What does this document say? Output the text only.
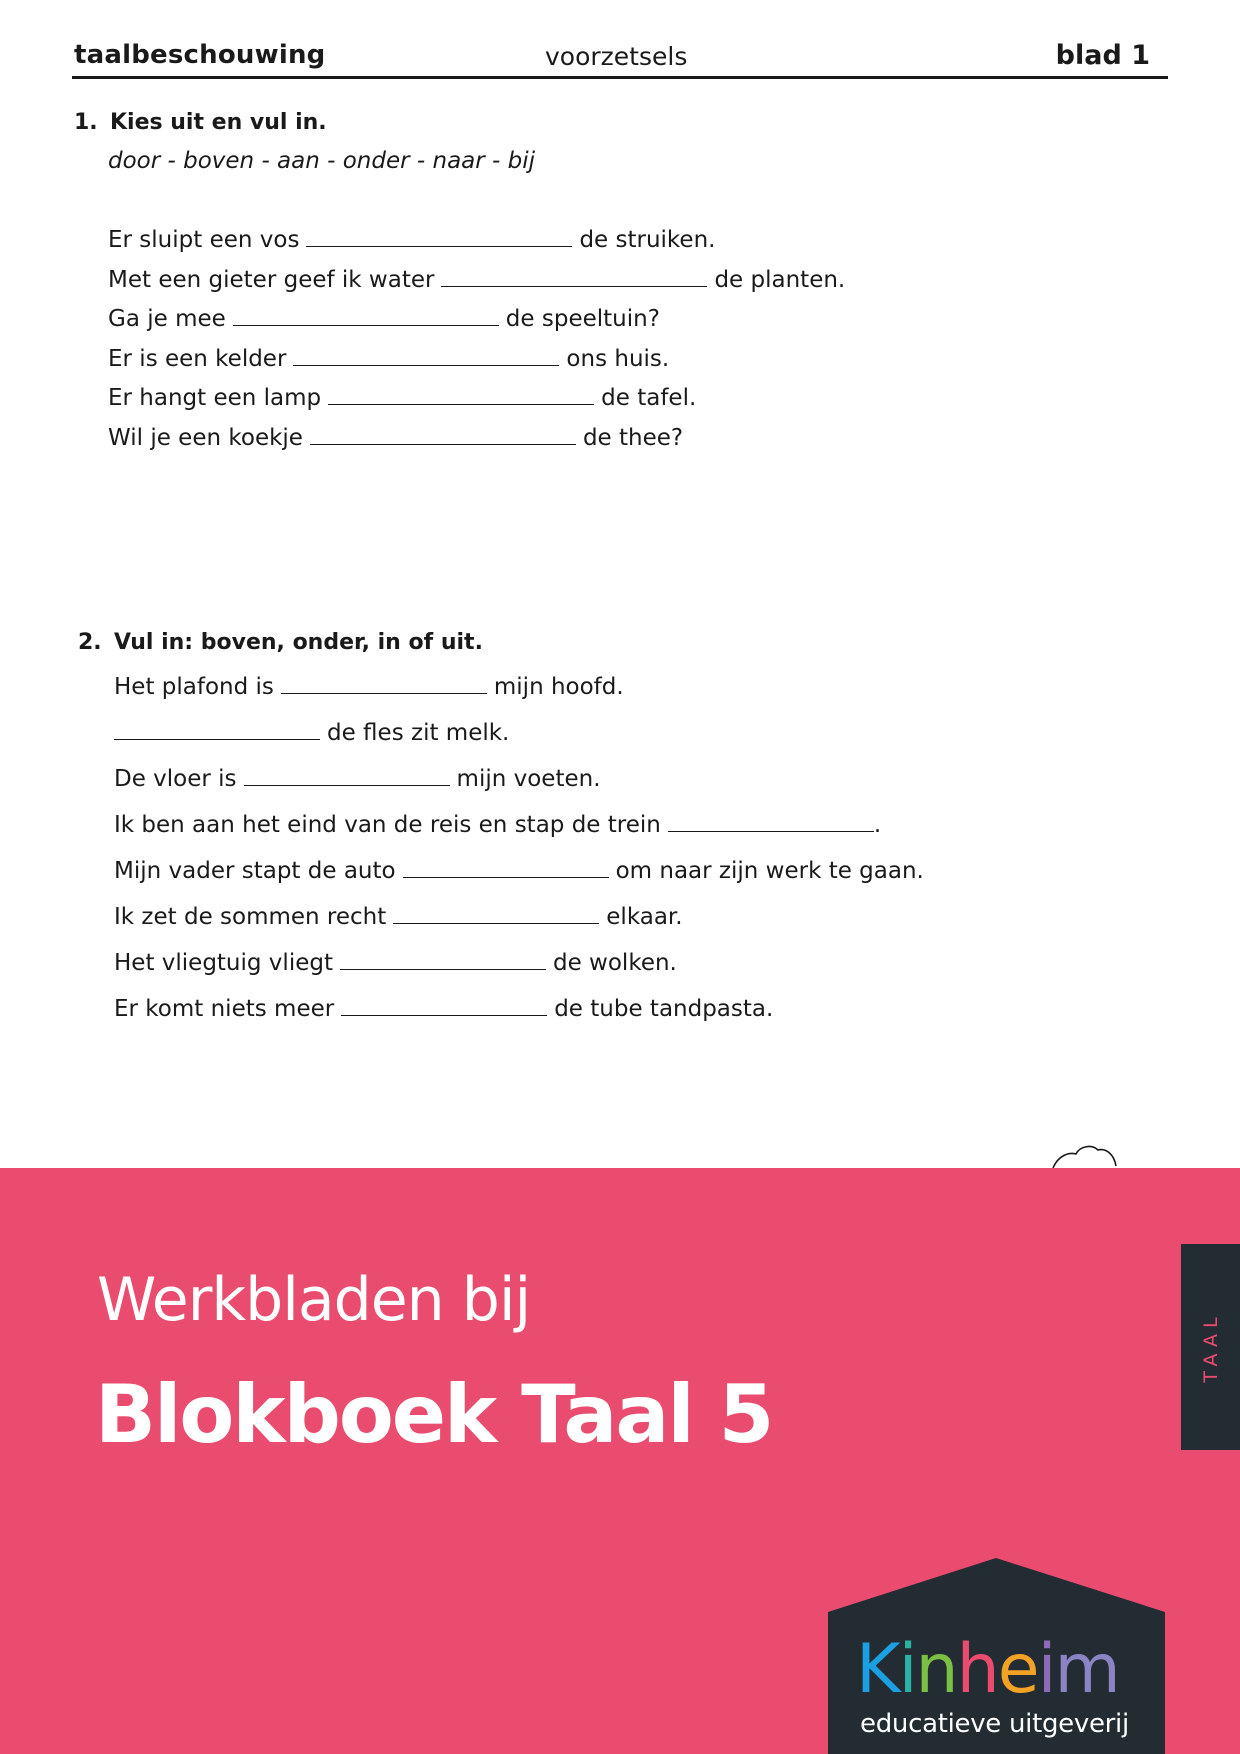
taalbeschouwing	voorzetsels	blad 1
1. Kies uit en vul in.
door - boven - aan - onder - naar - bij
Er sluipt een vos	de struiken.
Met een gieter geef ik water	de planten.
Ga je mee	de speeltuin?
Er is een kelder	ons huis.
Er hangt een lamp	de tafel.
Wil je een koekje	de thee?
2. Vul in: boven, onder, in of uit.
Het plafond is	mijn hoofd.
de fles zit melk.
De vloer is	mijn voeten.
Ik ben aan het eind van de reis en stap de trein	.
Mijn vader stapt de auto	om naar zijn werk te gaan.
Ik zet de sommen recht	elkaar.
Het vliegtuig vliegt	de wolken.
Er komt niets meer	de tube tandpasta.
Werkbladen bij
Blokboek Taal 5
TAAL
Kinheim
educatieve uitgeverij
